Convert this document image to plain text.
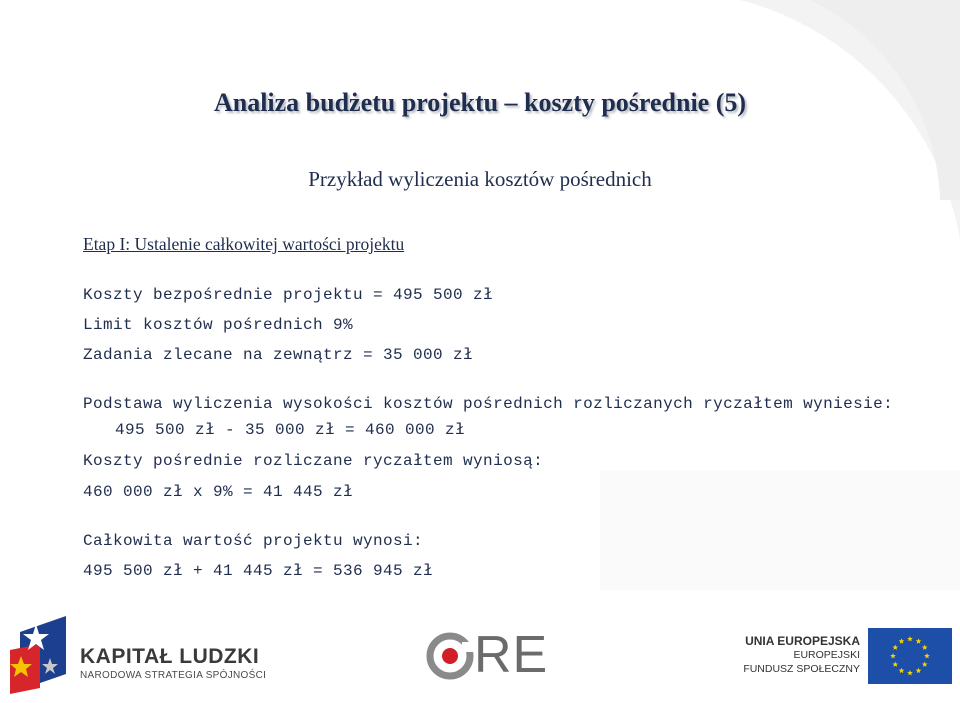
Analiza budżetu projektu – koszty pośrednie (5)
Przykład wyliczenia kosztów pośrednich
Etap I: Ustalenie całkowitej wartości projektu
Koszty bezpośrednie projektu = 495 500 zł
Limit kosztów pośrednich 9%
Zadania zlecane na zewnątrz = 35 000 zł
Podstawa wyliczenia wysokości kosztów pośrednich rozliczanych ryczałtem wyniesie:
495 500 zł - 35 000 zł = 460 000 zł
Koszty pośrednie rozliczane ryczałtem wyniosą:
460 000 zł x 9% = 41 445 zł
Całkowita wartość projektu wynosi:
495 500 zł + 41 445 zł = 536 945 zł
KAPITAŁ LUDZKI
NARODOWA STRATEGIA SPÓJNOŚCI	RE	UNIA EUROPEJSKA
EUROPEJSKI
FUNDUSZ SPOŁECZNY
